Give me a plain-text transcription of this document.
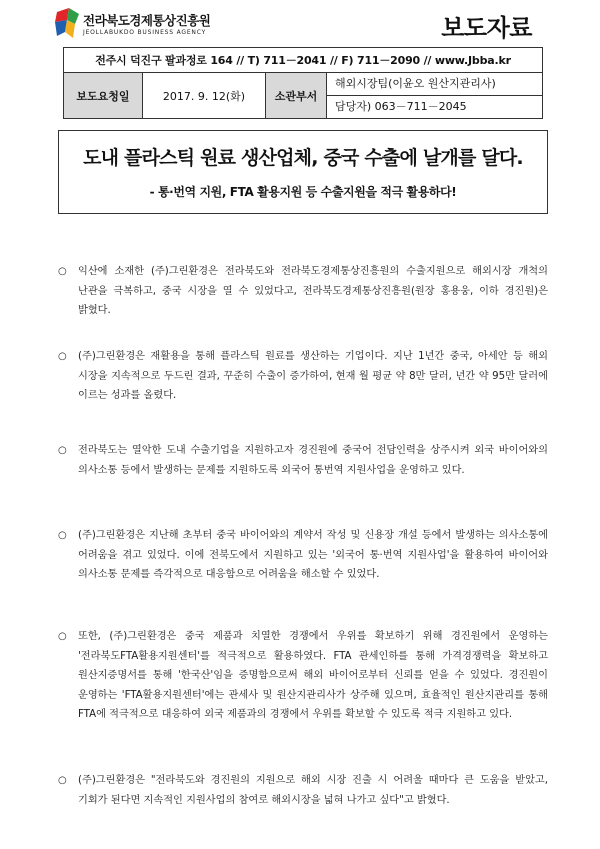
전라북도경제통상진흥원
JEOLLABUKDO BUSINESS AGENCY	보도자료
전주시 덕진구 팔과정로 164 // T) 711－2041 // F) 711－2090 // www.Jbba.kr
보도요청일	2017. 9. 12(화)	소관부서	해외시장팀(이윤오 원산지관리사)
담당자) 063－711－2045
도내 플라스틱 원료 생산업체, 중국 수출에 날개를 달다.
- 통·번역 지원, FTA 활용지원 등 수출지원을 적극 활용하다!
○	익산에 소재한 (주)그린환경은 전라북도와 전라북도경제통상진흥원의 수출지원으로 해외시장 개척의 난관을 극복하고, 중국 시장을 열 수 있었다고, 전라북도경제통상진흥원(원장 홍용웅, 이하 경진원)은 밝혔다.
○	(주)그린환경은 재활용을 통해 플라스틱 원료를 생산하는 기업이다. 지난 1년간 중국, 아세안 등 해외 시장을 지속적으로 두드린 결과, 꾸준히 수출이 증가하여, 현재 월 평균 약 8만 달러, 년간 약 95만 달러에 이르는 성과를 올렸다.
○	전라북도는 열악한 도내 수출기업을 지원하고자 경진원에 중국어 전담인력을 상주시켜 외국 바이어와의 의사소통 등에서 발생하는 문제를 지원하도록 외국어 통번역 지원사업을 운영하고 있다.
○	(주)그린환경은 지난해 초부터 중국 바이어와의 계약서 작성 및 신용장 개설 등에서 발생하는 의사소통에 어려움을 겪고 있었다. 이에 전북도에서 지원하고 있는 '외국어 통·번역 지원사업'을 활용하여 바이어와 의사소통 문제를 즉각적으로 대응함으로 어려움을 해소할 수 있었다.
○	또한, (주)그린환경은 중국 제품과 치열한 경쟁에서 우위를 확보하기 위해 경진원에서 운영하는 '전라북도FTA활용지원센터'를 적극적으로 활용하였다. FTA 관세인하를 통해 가격경쟁력을 확보하고 원산지증명서를 통해 '한국산'임을 증명함으로써 해외 바이어로부터 신뢰를 얻을 수 있었다. 경진원이 운영하는 'FTA활용지원센터'에는 관세사 및 원산지관리사가 상주해 있으며, 효율적인 원산지관리를 통해 FTA에 적극적으로 대응하여 외국 제품과의 경쟁에서 우위를 확보할 수 있도록 적극 지원하고 있다.
○	(주)그린환경은 "전라북도와 경진원의 지원으로 해외 시장 진출 시 어려울 때마다 큰 도움을 받았고, 기회가 된다면 지속적인 지원사업의 참여로 해외시장을 넓혀 나가고 싶다"고 밝혔다.
